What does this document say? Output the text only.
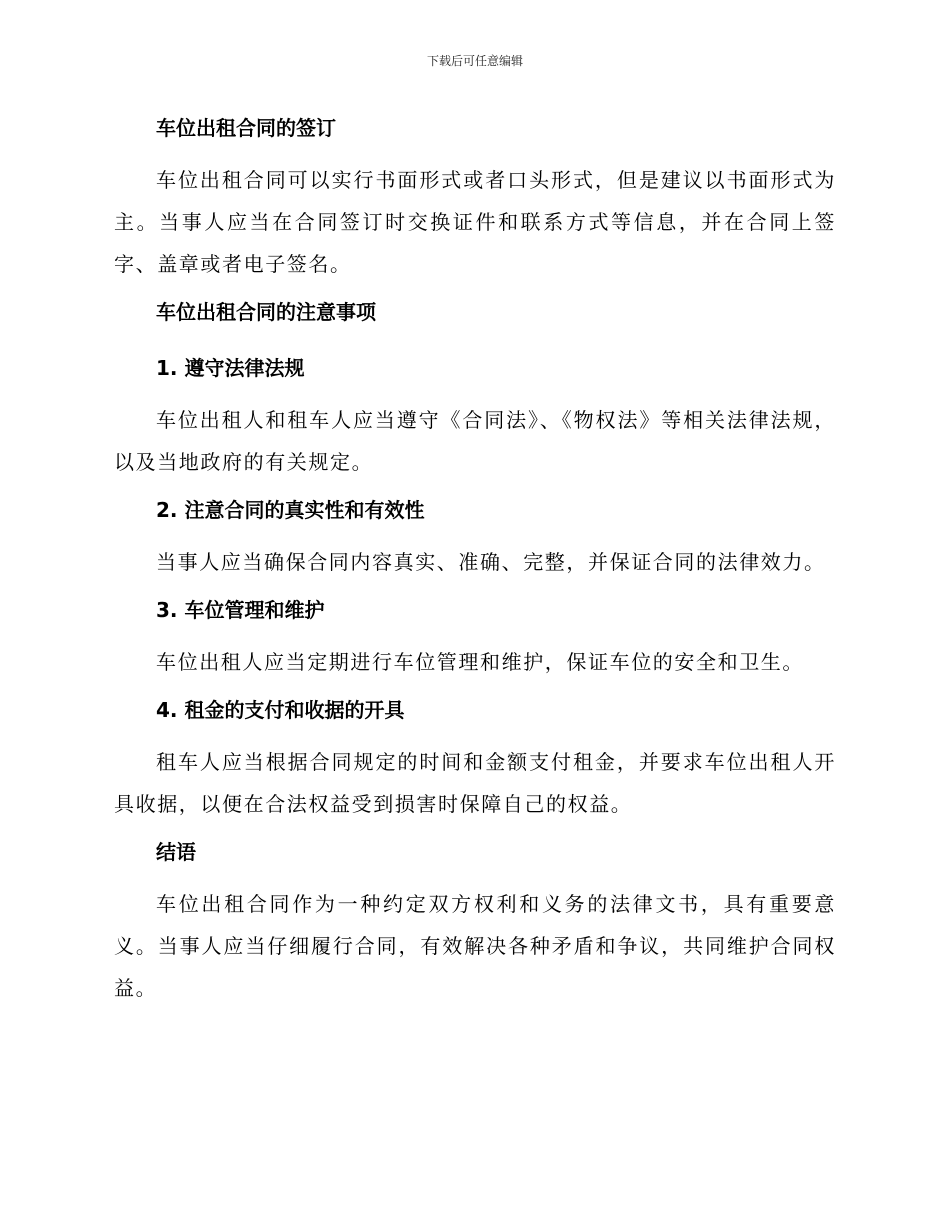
下载后可任意编辑
车位出租合同的签订

车位出租合同可以实行书面形式或者口头形式，但是建议以书面形式为主。当事人应当在合同签订时交换证件和联系方式等信息，并在合同上签字、盖章或者电子签名。

车位出租合同的注意事项
1. 遵守法律法规

车位出租人和租车人应当遵守《合同法》、《物权法》等相关法律法规，以及当地政府的有关规定。

2. 注意合同的真实性和有效性

当事人应当确保合同内容真实、准确、完整，并保证合同的法律效力。

3. 车位管理和维护

车位出租人应当定期进行车位管理和维护，保证车位的安全和卫生。

4. 租金的支付和收据的开具

租车人应当根据合同规定的时间和金额支付租金，并要求车位出租人开具收据，以便在合法权益受到损害时保障自己的权益。

结语

车位出租合同作为一种约定双方权利和义务的法律文书，具有重要意义。当事人应当仔细履行合同，有效解决各种矛盾和争议，共同维护合同权益。
